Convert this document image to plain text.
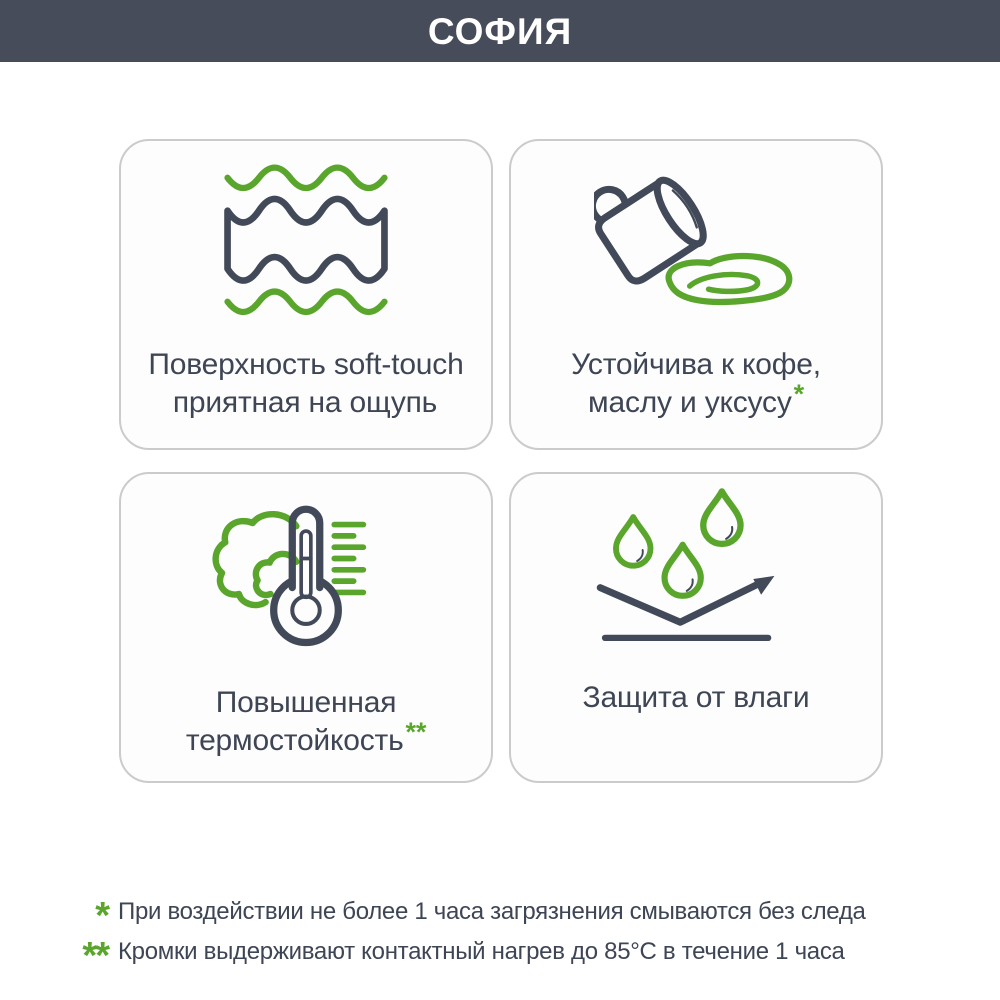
СОФИЯ

Поверхность soft-touch
приятная на ощупь

Устойчива к кофе,
маслу и уксусу*

Повышенная
термостойкость**

Защита от влаги

* При воздействии не более 1 часа загрязнения смываются без следа
** Кромки выдерживают контактный нагрев до 85°С в течение 1 часа
